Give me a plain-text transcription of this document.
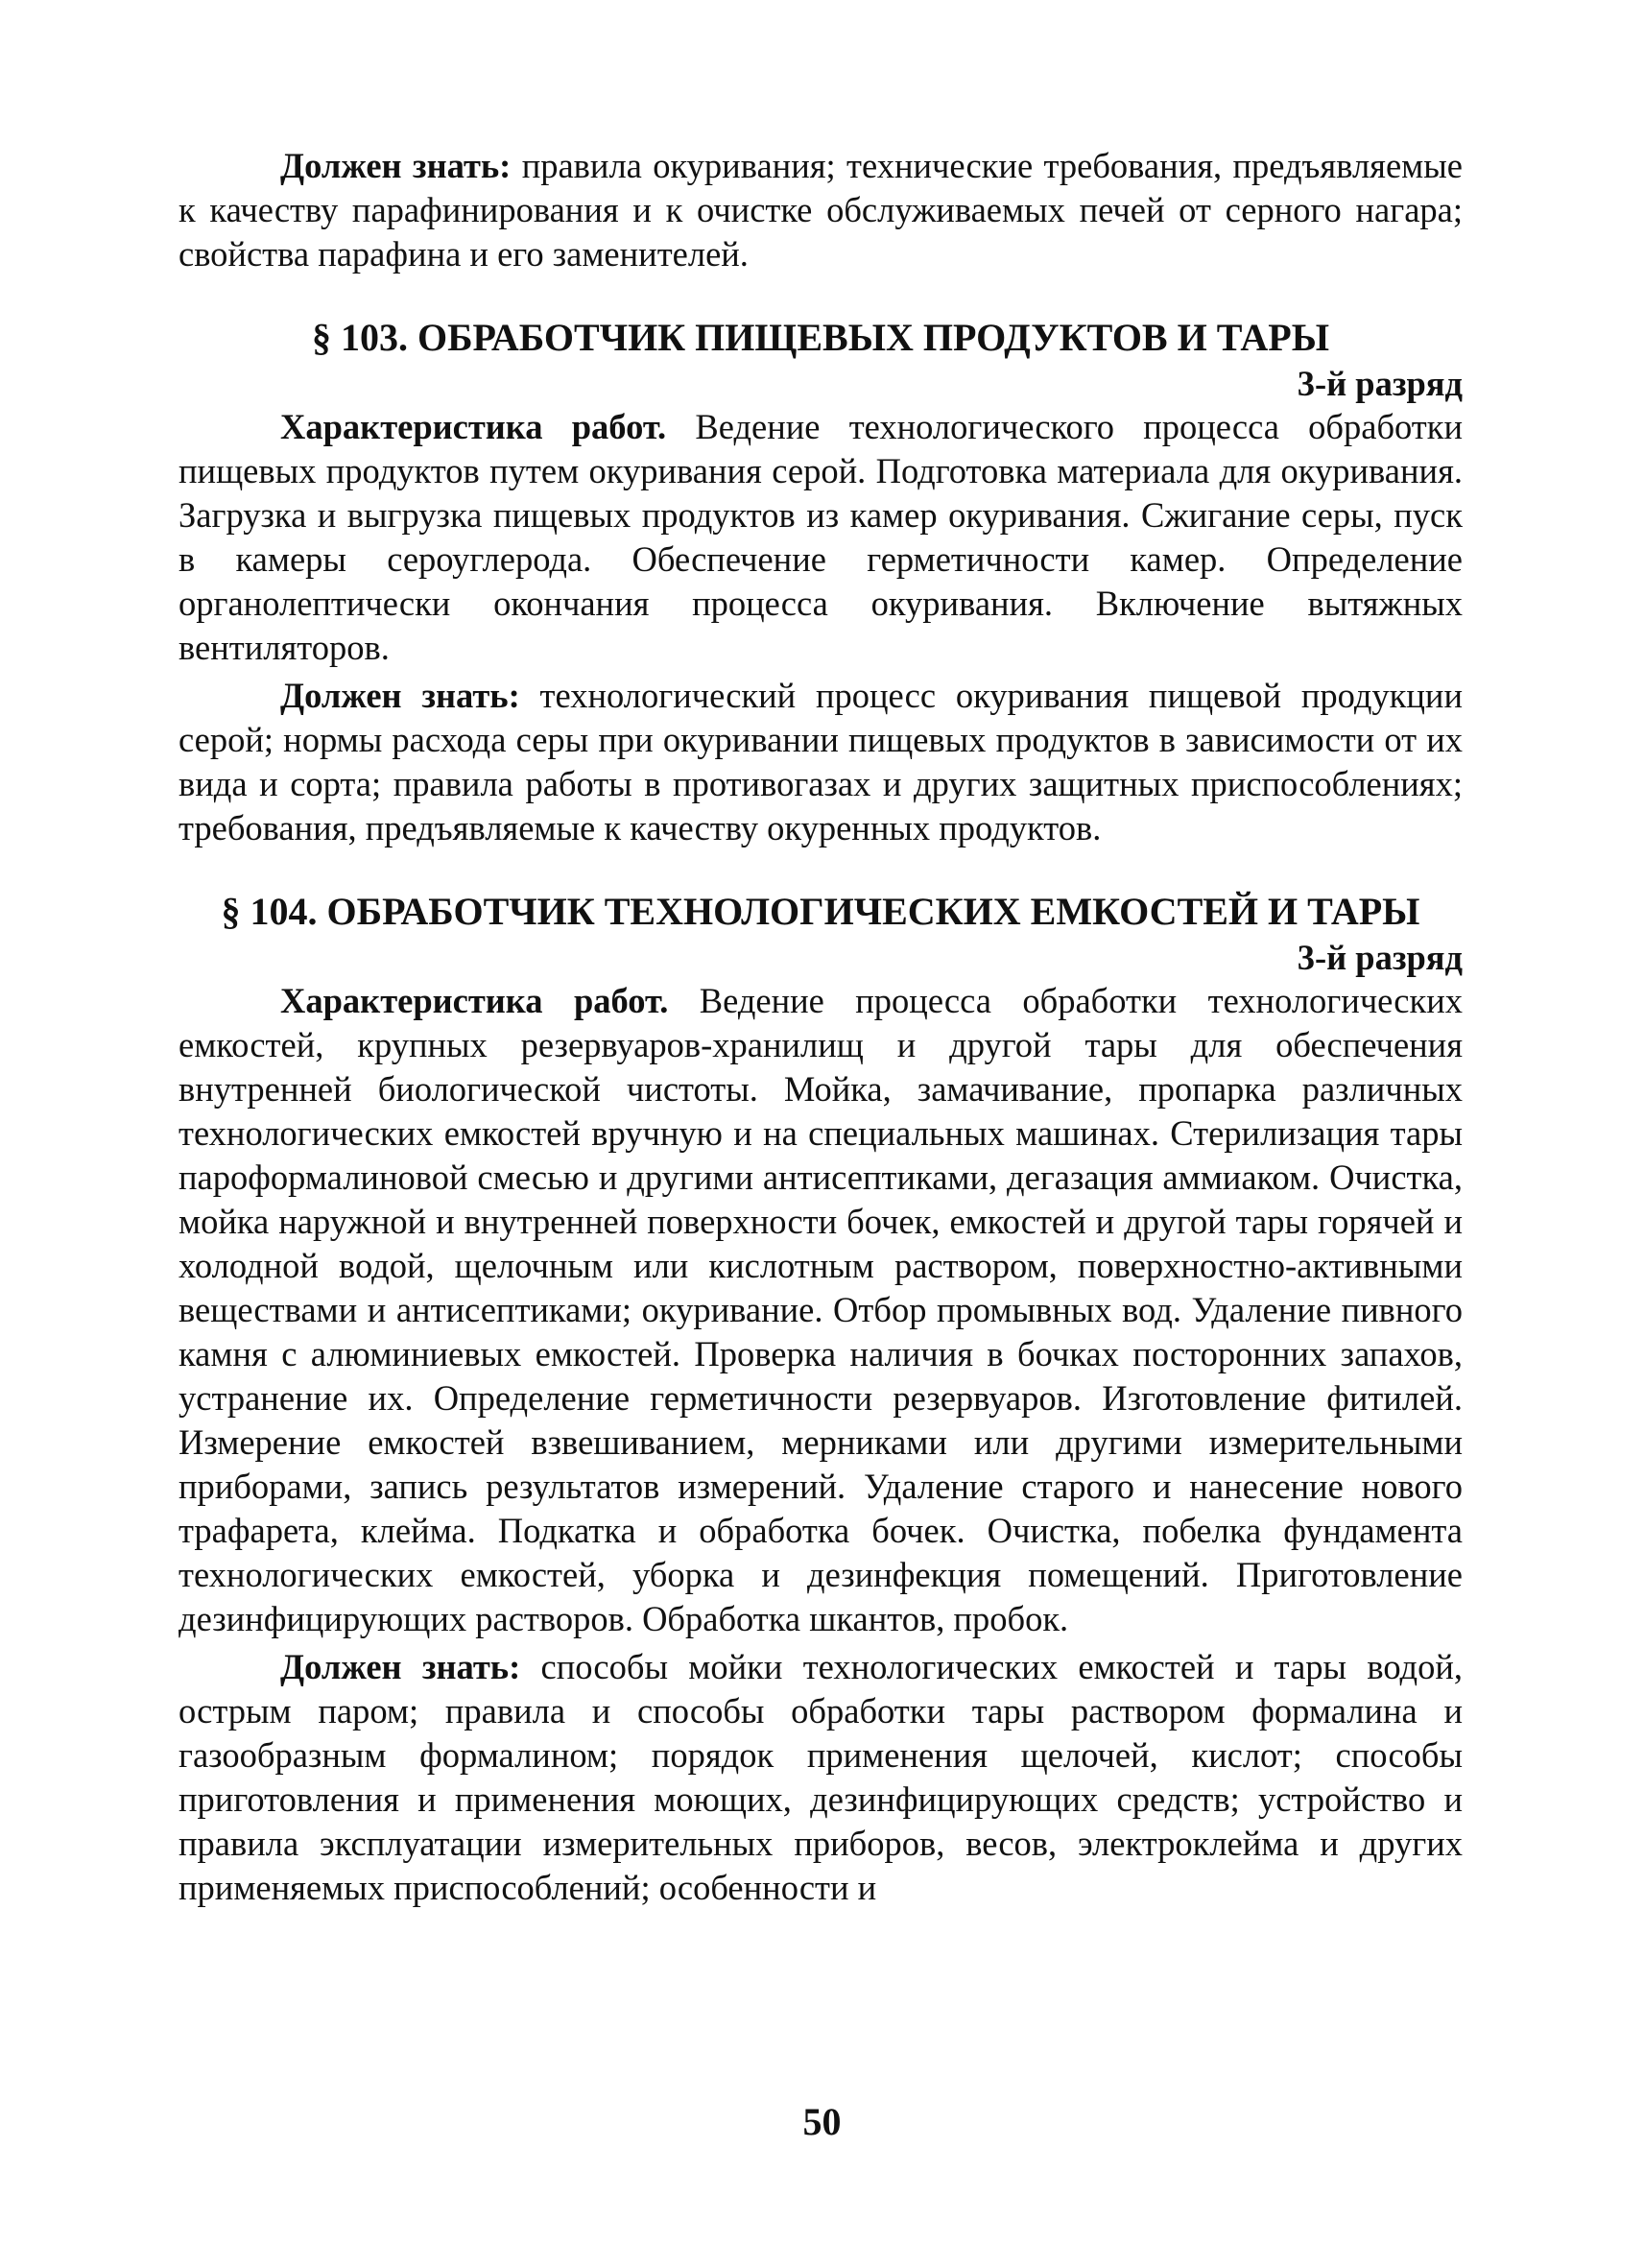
Должен знать: правила окуривания; технические требования, предъявляемые к качеству парафинирования и к очистке обслуживаемых печей от серного нагара; свойства парафина и его заменителей.

§ 103. ОБРАБОТЧИК ПИЩЕВЫХ ПРОДУКТОВ И ТАРЫ

3-й разряд

Характеристика работ. Ведение технологического процесса обработки пищевых продуктов путем окуривания серой. Подготовка материала для окуривания. Загрузка и выгрузка пищевых продуктов из камер окуривания. Сжигание серы, пуск в камеры сероуглерода. Обеспечение герметичности камер. Определение органолептически окончания процесса окуривания. Включение вытяжных вентиляторов.

Должен знать: технологический процесс окуривания пищевой продукции серой; нормы расхода серы при окуривании пищевых продуктов в зависимости от их вида и сорта; правила работы в противогазах и других защитных приспособлениях; требования, предъявляемые к качеству окуренных продуктов.

§ 104. ОБРАБОТЧИК ТЕХНОЛОГИЧЕСКИХ ЕМКОСТЕЙ И ТАРЫ

3-й разряд

Характеристика работ. Ведение процесса обработки технологических емкостей, крупных резервуаров-хранилищ и другой тары для обеспечения внутренней биологической чистоты. Мойка, замачивание, пропарка различных технологических емкостей вручную и на специальных машинах. Стерилизация тары пароформалиновой смесью и другими антисептиками, дегазация аммиаком. Очистка, мойка наружной и внутренней поверхности бочек, емкостей и другой тары горячей и холодной водой, щелочным или кислотным раствором, поверхностно-активными веществами и антисептиками; окуривание. Отбор промывных вод. Удаление пивного камня с алюминиевых емкостей. Проверка наличия в бочках посторонних запахов, устранение их. Определение герметичности резервуаров. Изготовление фитилей. Измерение емкостей взвешиванием, мерниками или другими измерительными приборами, запись результатов измерений. Удаление старого и нанесение нового трафарета, клейма. Подкатка и обработка бочек. Очистка, побелка фундамента технологических емкостей, уборка и дезинфекция помещений. Приготовление дезинфицирующих растворов. Обработка шкантов, пробок.

Должен знать: способы мойки технологических емкостей и тары водой, острым паром; правила и способы обработки тары раствором формалина и газообразным формалином; порядок применения щелочей, кислот; способы приготовления и применения моющих, дезинфицирующих средств; устройство и правила эксплуатации измерительных приборов, весов, электроклейма и других применяемых приспособлений; особенности и

50
